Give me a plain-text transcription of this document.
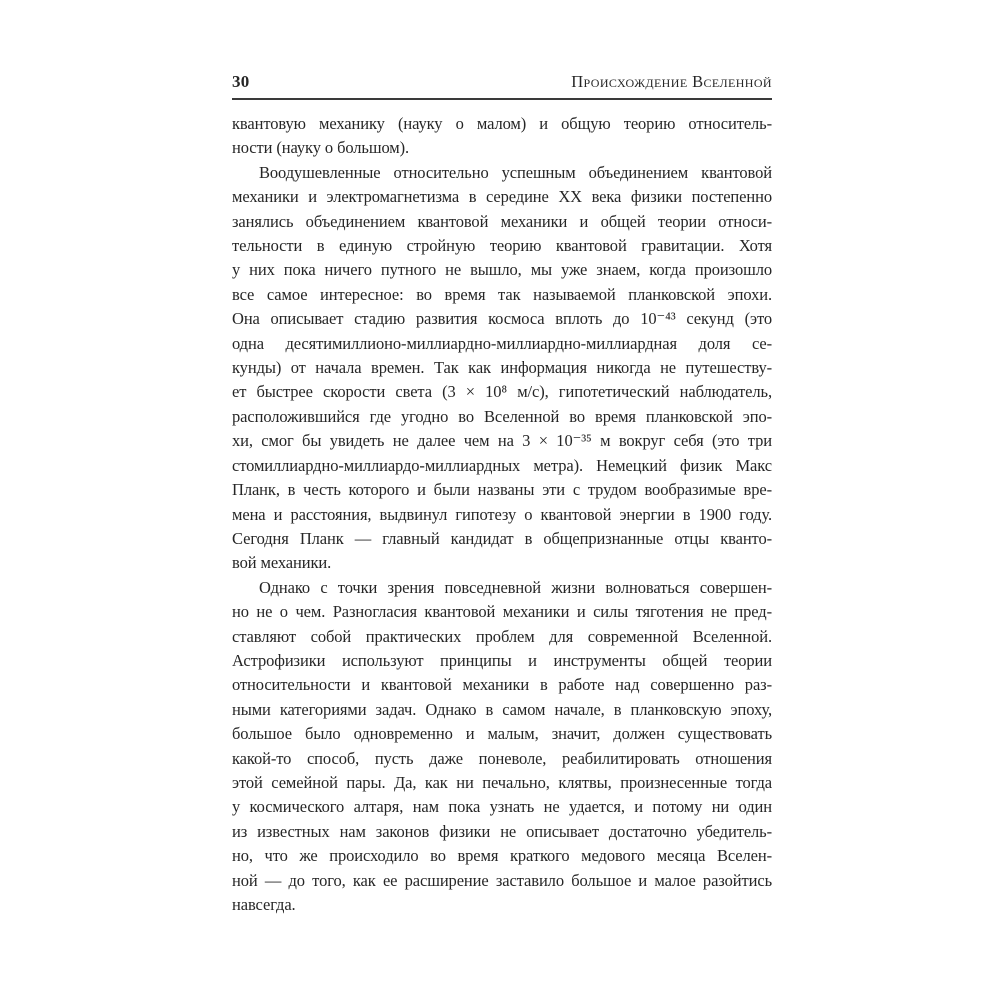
30	Происхождение Вселенной
квантовую механику (науку о малом) и общую теорию относитель-
ности (науку о большом).
Воодушевленные относительно успешным объединением квантовой
механики и электромагнетизма в середине XX века физики постепенно
занялись объединением квантовой механики и общей теории относи-
тельности в единую стройную теорию квантовой гравитации. Хотя
у них пока ничего путного не вышло, мы уже знаем, когда произошло
все самое интересное: во время так называемой планковской эпохи.
Она описывает стадию развития космоса вплоть до 10⁻⁴³ секунд (это
одна десятимиллионо-миллиардно-миллиардно-миллиардная доля се-
кунды) от начала времен. Так как информация никогда не путешеству-
ет быстрее скорости света (3 × 10⁸ м/с), гипотетический наблюдатель,
расположившийся где угодно во Вселенной во время планковской эпо-
хи, смог бы увидеть не далее чем на 3 × 10⁻³⁵ м вокруг себя (это три
стомиллиардно-миллиардо-миллиардных метра). Немецкий физик Макс
Планк, в честь которого и были названы эти с трудом вообразимые вре-
мена и расстояния, выдвинул гипотезу о квантовой энергии в 1900 году.
Сегодня Планк — главный кандидат в общепризнанные отцы кванто-
вой механики.
Однако с точки зрения повседневной жизни волноваться совершен-
но не о чем. Разногласия квантовой механики и силы тяготения не пред-
ставляют собой практических проблем для современной Вселенной.
Астрофизики используют принципы и инструменты общей теории
относительности и квантовой механики в работе над совершенно раз-
ными категориями задач. Однако в самом начале, в планковскую эпоху,
большое было одновременно и малым, значит, должен существовать
какой-то способ, пусть даже поневоле, реабилитировать отношения
этой семейной пары. Да, как ни печально, клятвы, произнесенные тогда
у космического алтаря, нам пока узнать не удается, и потому ни один
из известных нам законов физики не описывает достаточно убедитель-
но, что же происходило во время краткого медового месяца Вселен-
ной — до того, как ее расширение заставило большое и малое разойтись
навсегда.
